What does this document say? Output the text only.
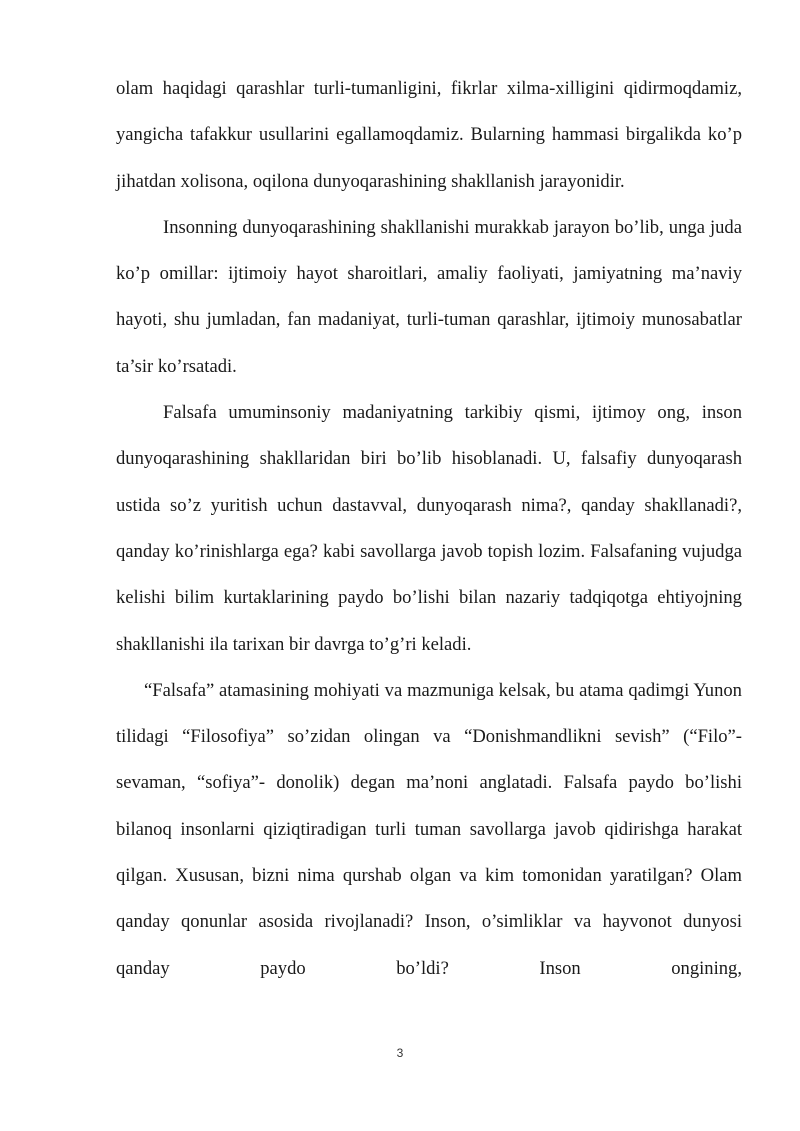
olam haqidagi qarashlar turli-tumanligini, fikrlar xilma-xilligini qidirmoqdamiz, yangicha tafakkur usullarini egallamoqdamiz. Bularning hammasi birgalikda ko’p jihatdan xolisona, oqilona dunyoqarashining shakllanish jarayonidir.

Insonning dunyoqarashining shakllanishi murakkab jarayon bo’lib, unga juda ko’p omillar: ijtimoiy hayot sharoitlari, amaliy faoliyati, jamiyatning ma’naviy hayoti, shu jumladan, fan madaniyat, turli-tuman qarashlar, ijtimoiy munosabatlar ta’sir ko’rsatadi.

Falsafa umuminsoniy madaniyatning tarkibiy qismi, ijtimoy ong, inson dunyoqarashining shakllaridan biri bo’lib hisoblanadi. U, falsafiy dunyoqarash ustida so’z yuritish uchun dastavval, dunyoqarash nima?, qanday shakllanadi?, qanday ko’rinishlarga ega? kabi savollarga javob topish lozim. Falsafaning vujudga kelishi bilim kurtaklarining paydo bo’lishi bilan nazariy tadqiqotga ehtiyojning shakllanishi ila tarixan bir davrga to’g’ri keladi.

“Falsafa” atamasining mohiyati va mazmuniga kelsak, bu atama qadimgi Yunon tilidagi “Filosofiya” so’zidan olingan va “Donishmandlikni sevish” (“Filo”- sevaman, “sofiya”- donolik) degan ma’noni anglatadi. Falsafa paydo bo’lishi bilanoq insonlarni qiziqtiradigan turli tuman savollarga javob qidirishga harakat qilgan. Xususan, bizni nima qurshab olgan va kim tomonidan yaratilgan? Olam qanday qonunlar asosida rivojlanadi? Inson, o’simliklar va hayvonot dunyosi qanday paydo bo’ldi? Inson ongining,

3
